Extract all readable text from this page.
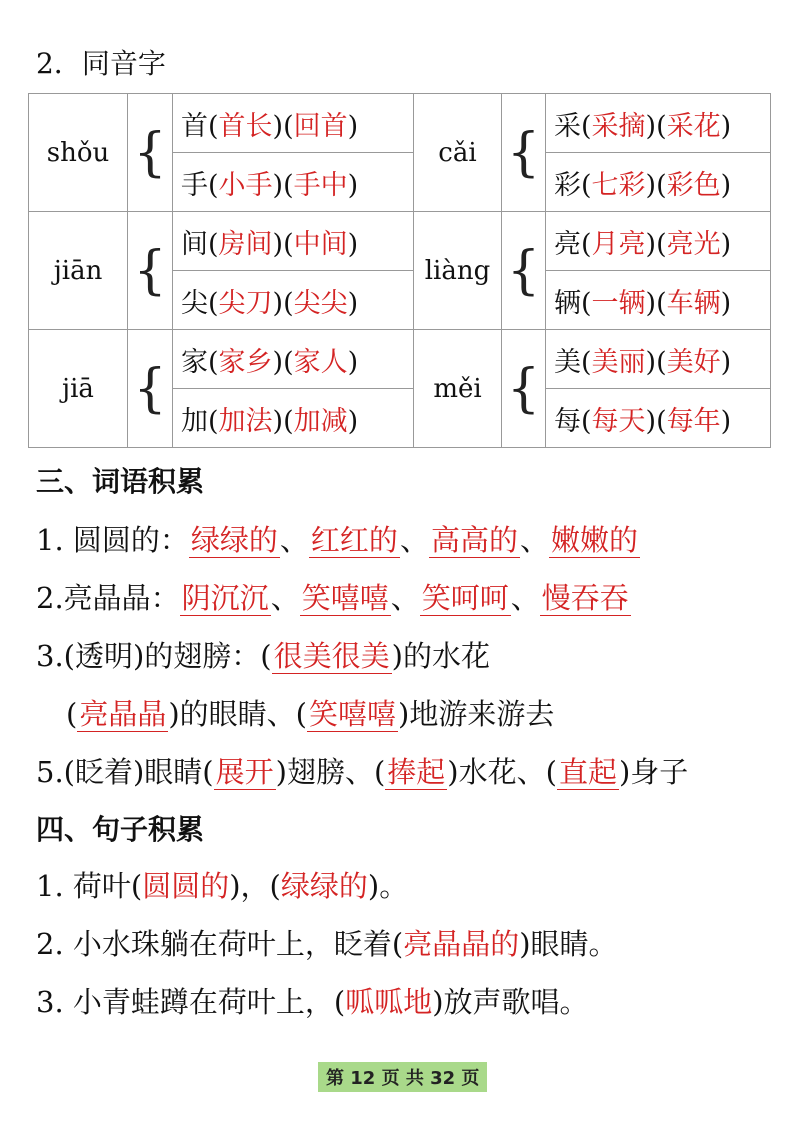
2．同音字
shǒu	{	首(首长)(回首)	cǎi	{	采(采摘)(采花)
		手(小手)(手中)			彩(七彩)(彩色)
jiān	{	间(房间)(中间)	liàng	{	亮(月亮)(亮光)
		尖(尖刀)(尖尖)			辆(一辆)(车辆)
jiā	{	家(家乡)(家人)	měi	{	美(美丽)(美好)
		加(加法)(加减)			每(每天)(每年)
三、词语积累
1. 圆圆的：绿绿的、红红的、高高的、嫩嫩的
2.亮晶晶：阴沉沉、笑嘻嘻、笑呵呵、慢吞吞
3.(透明)的翅膀：(很美很美)的水花
(亮晶晶)的眼睛、(笑嘻嘻)地游来游去
5.(眨着)眼睛(展开)翅膀、(捧起)水花、(直起)身子
四、句子积累
1. 荷叶(圆圆的)，(绿绿的)。
2. 小水珠躺在荷叶上，眨着(亮晶晶的)眼睛。
3. 小青蛙蹲在荷叶上，(呱呱地)放声歌唱。
第 12 页 共 32 页
